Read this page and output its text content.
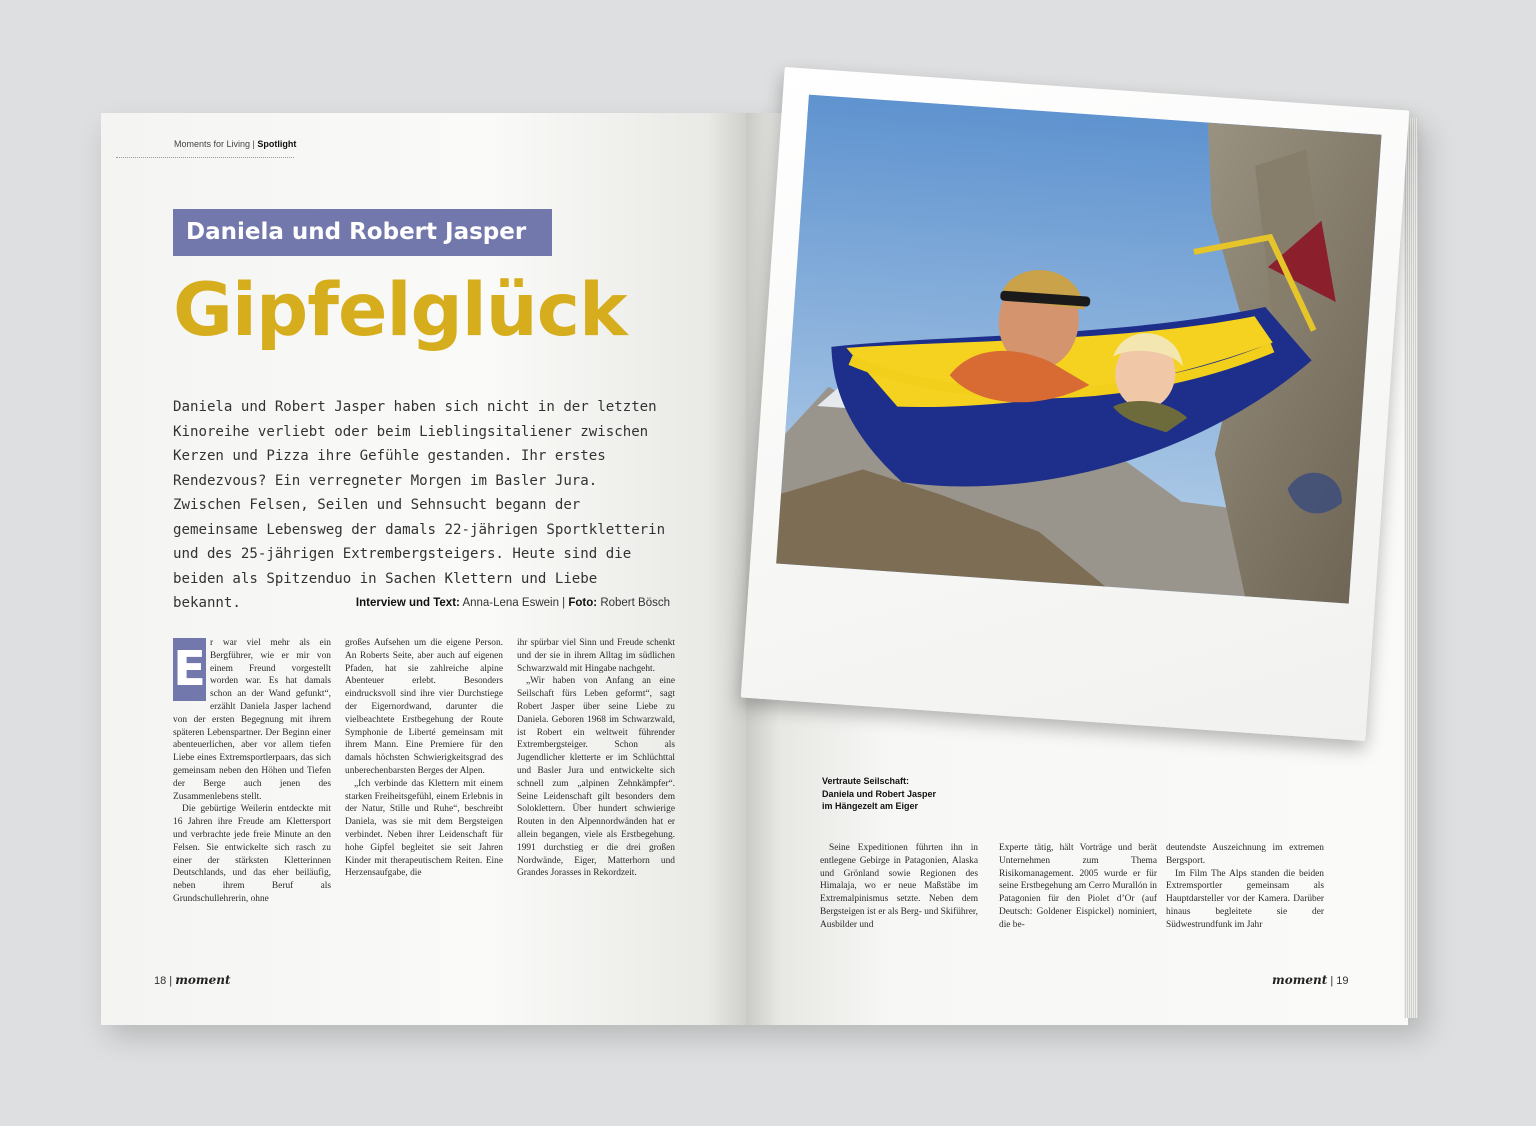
Moments for Living | Spotlight
Daniela und Robert Jasper
Gipfelglück
Daniela und Robert Jasper haben sich nicht in der letzten Kinoreihe verliebt oder beim Lieblingsitaliener zwischen Kerzen und Pizza ihre Gefühle gestanden. Ihr erstes Rendezvous? Ein verregneter Morgen im Basler Jura. Zwischen Felsen, Seilen und Sehnsucht begann der gemeinsame Lebensweg der damals 22-jährigen Sportkletterin und des 25-jährigen Extrembergsteigers. Heute sind die beiden als Spitzenduo in Sachen Klettern und Liebe bekannt.	Interview und Text: Anna-Lena Eswein | Foto: Robert Bösch
E r war viel mehr als ein Bergführer, wie er mir von einem Freund vorgestellt worden war. Es hat damals schon an der Wand gefunkt“, erzählt Daniela Jasper lachend von der ersten Begegnung mit ihrem späteren Lebenspartner. Der Beginn einer abenteuerlichen, aber vor allem tiefen Liebe eines Extremsportlerpaars, das sich gemeinsam neben den Höhen und Tiefen der Berge auch jenen des Zusammenlebens stellt.

Die gebürtige Weilerin entdeckte mit 16 Jahren ihre Freude am Klettersport und verbrachte jede freie Minute an den Felsen. Sie entwickelte sich rasch zu einer der stärksten Kletterinnen Deutschlands, und das eher beiläufig, neben ihrem Beruf als Grundschullehrerin, ohne

großes Aufsehen um die eigene Person. An Roberts Seite, aber auch auf eigenen Pfaden, hat sie zahlreiche alpine Abenteuer erlebt. Besonders eindrucksvoll sind ihre vier Durchstiege der Eigernordwand, darunter die vielbeachtete Erstbegehung der Route Symphonie de Liberté gemeinsam mit ihrem Mann. Eine Premiere für den damals höchsten Schwierigkeitsgrad des unberechenbarsten Berges der Alpen.

„Ich verbinde das Klettern mit einem starken Freiheitsgefühl, einem Erlebnis in der Natur, Stille und Ruhe“, beschreibt Daniela, was sie mit dem Bergsteigen verbindet. Neben ihrer Leidenschaft für hohe Gipfel begleitet sie seit Jahren Kinder mit therapeutischem Reiten. Eine Herzensaufgabe, die

ihr spürbar viel Sinn und Freude schenkt und der sie in ihrem Alltag im südlichen Schwarzwald mit Hingabe nachgeht.

„Wir haben von Anfang an eine Seilschaft fürs Leben geformt“, sagt Robert Jasper über seine Liebe zu Daniela. Geboren 1968 im Schwarzwald, ist Robert ein weltweit führender Extrembergsteiger. Schon als Jugendlicher kletterte er im Schlüchttal und Basler Jura und entwickelte sich schnell zum „alpinen Zehnkämpfer“. Seine Leidenschaft gilt besonders dem Soloklettern. Über hundert schwierige Routen in den Alpennordwänden hat er allein begangen, viele als Erstbegehung. 1991 durchstieg er die drei großen Nordwände, Eiger, Matterhorn und Grandes Jorasses in Rekordzeit.

18 | moment
Vertraute Seilschaft:
Daniela und Robert Jasper
im Hängezelt am Eiger

Seine Expeditionen führten ihn in entlegene Gebirge in Patagonien, Alaska und Grönland sowie Regionen des Himalaja, wo er neue Maßstäbe im Extremalpinismus setzte. Neben dem Bergsteigen ist er als Berg- und Skiführer, Ausbilder und

Experte tätig, hält Vorträge und berät Unternehmen zum Thema Risikomanagement. 2005 wurde er für seine Erstbegehung am Cerro Murallón in Patagonien für den Piolet d’Or (auf Deutsch: Goldener Eispickel) nominiert, die be-

deutendste Auszeichnung im extremen Bergsport.

Im Film The Alps standen die beiden Extremsportler gemeinsam als Hauptdarsteller vor der Kamera. Darüber hinaus begleitete sie der Südwestrundfunk im Jahr

moment | 19
